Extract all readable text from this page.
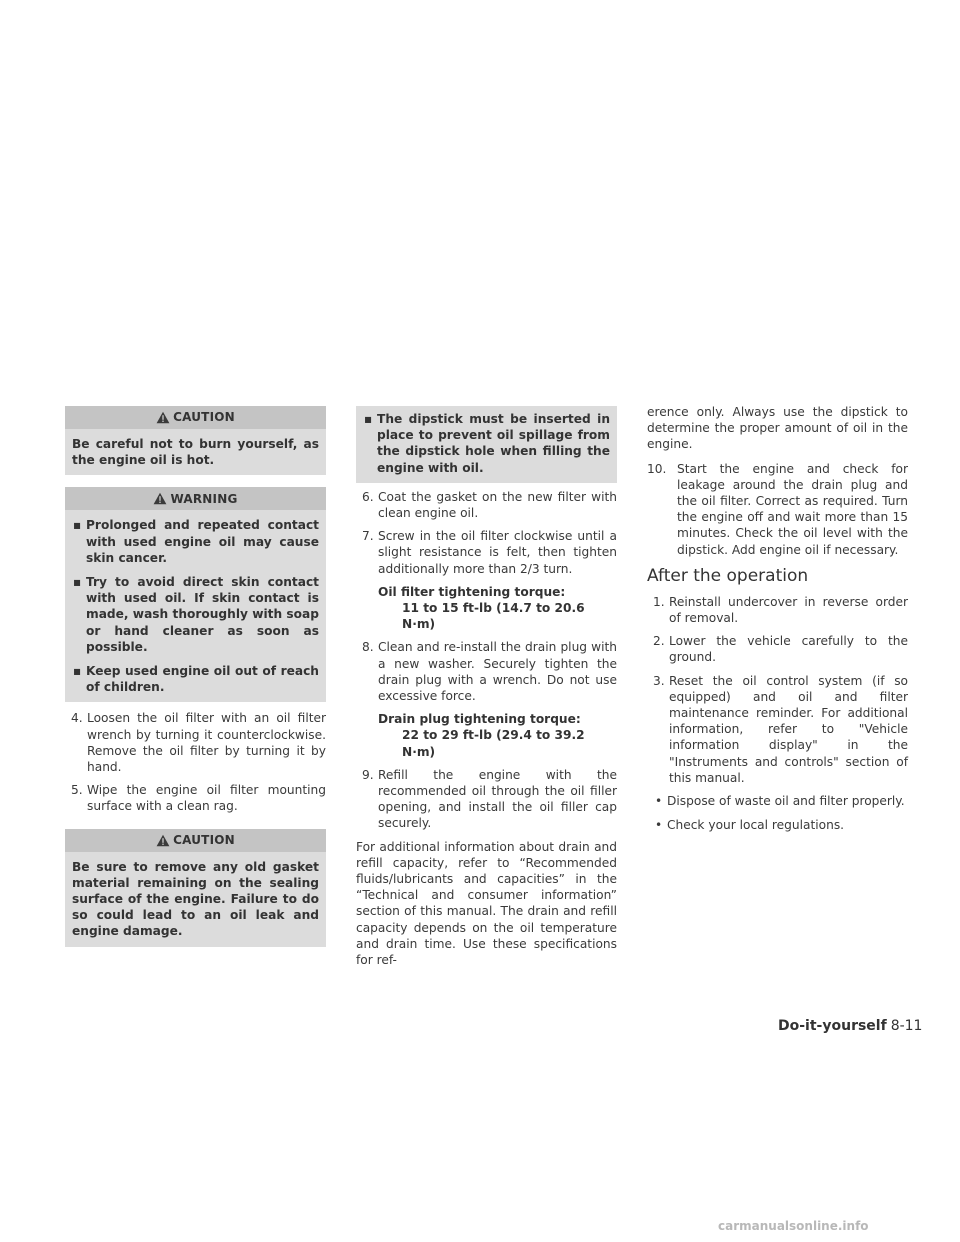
CAUTION

Be careful not to burn yourself, as the engine oil is hot.

WARNING
▪ Prolonged and repeated contact with used engine oil may cause skin cancer.
▪ Try to avoid direct skin contact with used oil. If skin contact is made, wash thoroughly with soap or hand cleaner as soon as possible.
▪ Keep used engine oil out of reach of children.
4. Loosen the oil filter with an oil filter wrench by turning it counterclockwise. Remove the oil filter by turning it by hand.
5. Wipe the engine oil filter mounting surface with a clean rag.
CAUTION

Be sure to remove any old gasket material remaining on the sealing surface of the engine. Failure to do so could lead to an oil leak and engine damage.

▪ The dipstick must be inserted in place to prevent oil spillage from the dipstick hole when filling the engine with oil.
6. Coat the gasket on the new filter with clean engine oil.
7. Screw in the oil filter clockwise until a slight resistance is felt, then tighten additionally more than 2/3 turn.
Oil filter tightening torque:
11 to 15 ft-lb (14.7 to 20.6 N·m)
8. Clean and re-install the drain plug with a new washer. Securely tighten the drain plug with a wrench. Do not use excessive force.
Drain plug tightening torque:
22 to 29 ft-lb (29.4 to 39.2 N·m)
9. Refill the engine with the recommended oil through the oil filler opening, and install the oil filler cap securely.

For additional information about drain and refill capacity, refer to “Recommended fluids/lubricants and capacities” in the “Technical and consumer information” section of this manual. The drain and refill capacity depends on the oil temperature and drain time. Use these specifications for ref-

erence only. Always use the dipstick to determine the proper amount of oil in the engine.

10. Start the engine and check for leakage around the drain plug and the oil filter. Correct as required. Turn the engine off and wait more than 15 minutes. Check the oil level with the dipstick. Add engine oil if necessary.
After the operation
1. Reinstall undercover in reverse order of removal.
2. Lower the vehicle carefully to the ground.
3. Reset the oil control system (if so equipped) and oil and filter maintenance reminder. For additional information, refer to "Vehicle information display" in the "Instruments and controls" section of this manual.
• Dispose of waste oil and filter properly.
• Check your local regulations.
Do-it-yourself 8-11
carmanualsonline.info
